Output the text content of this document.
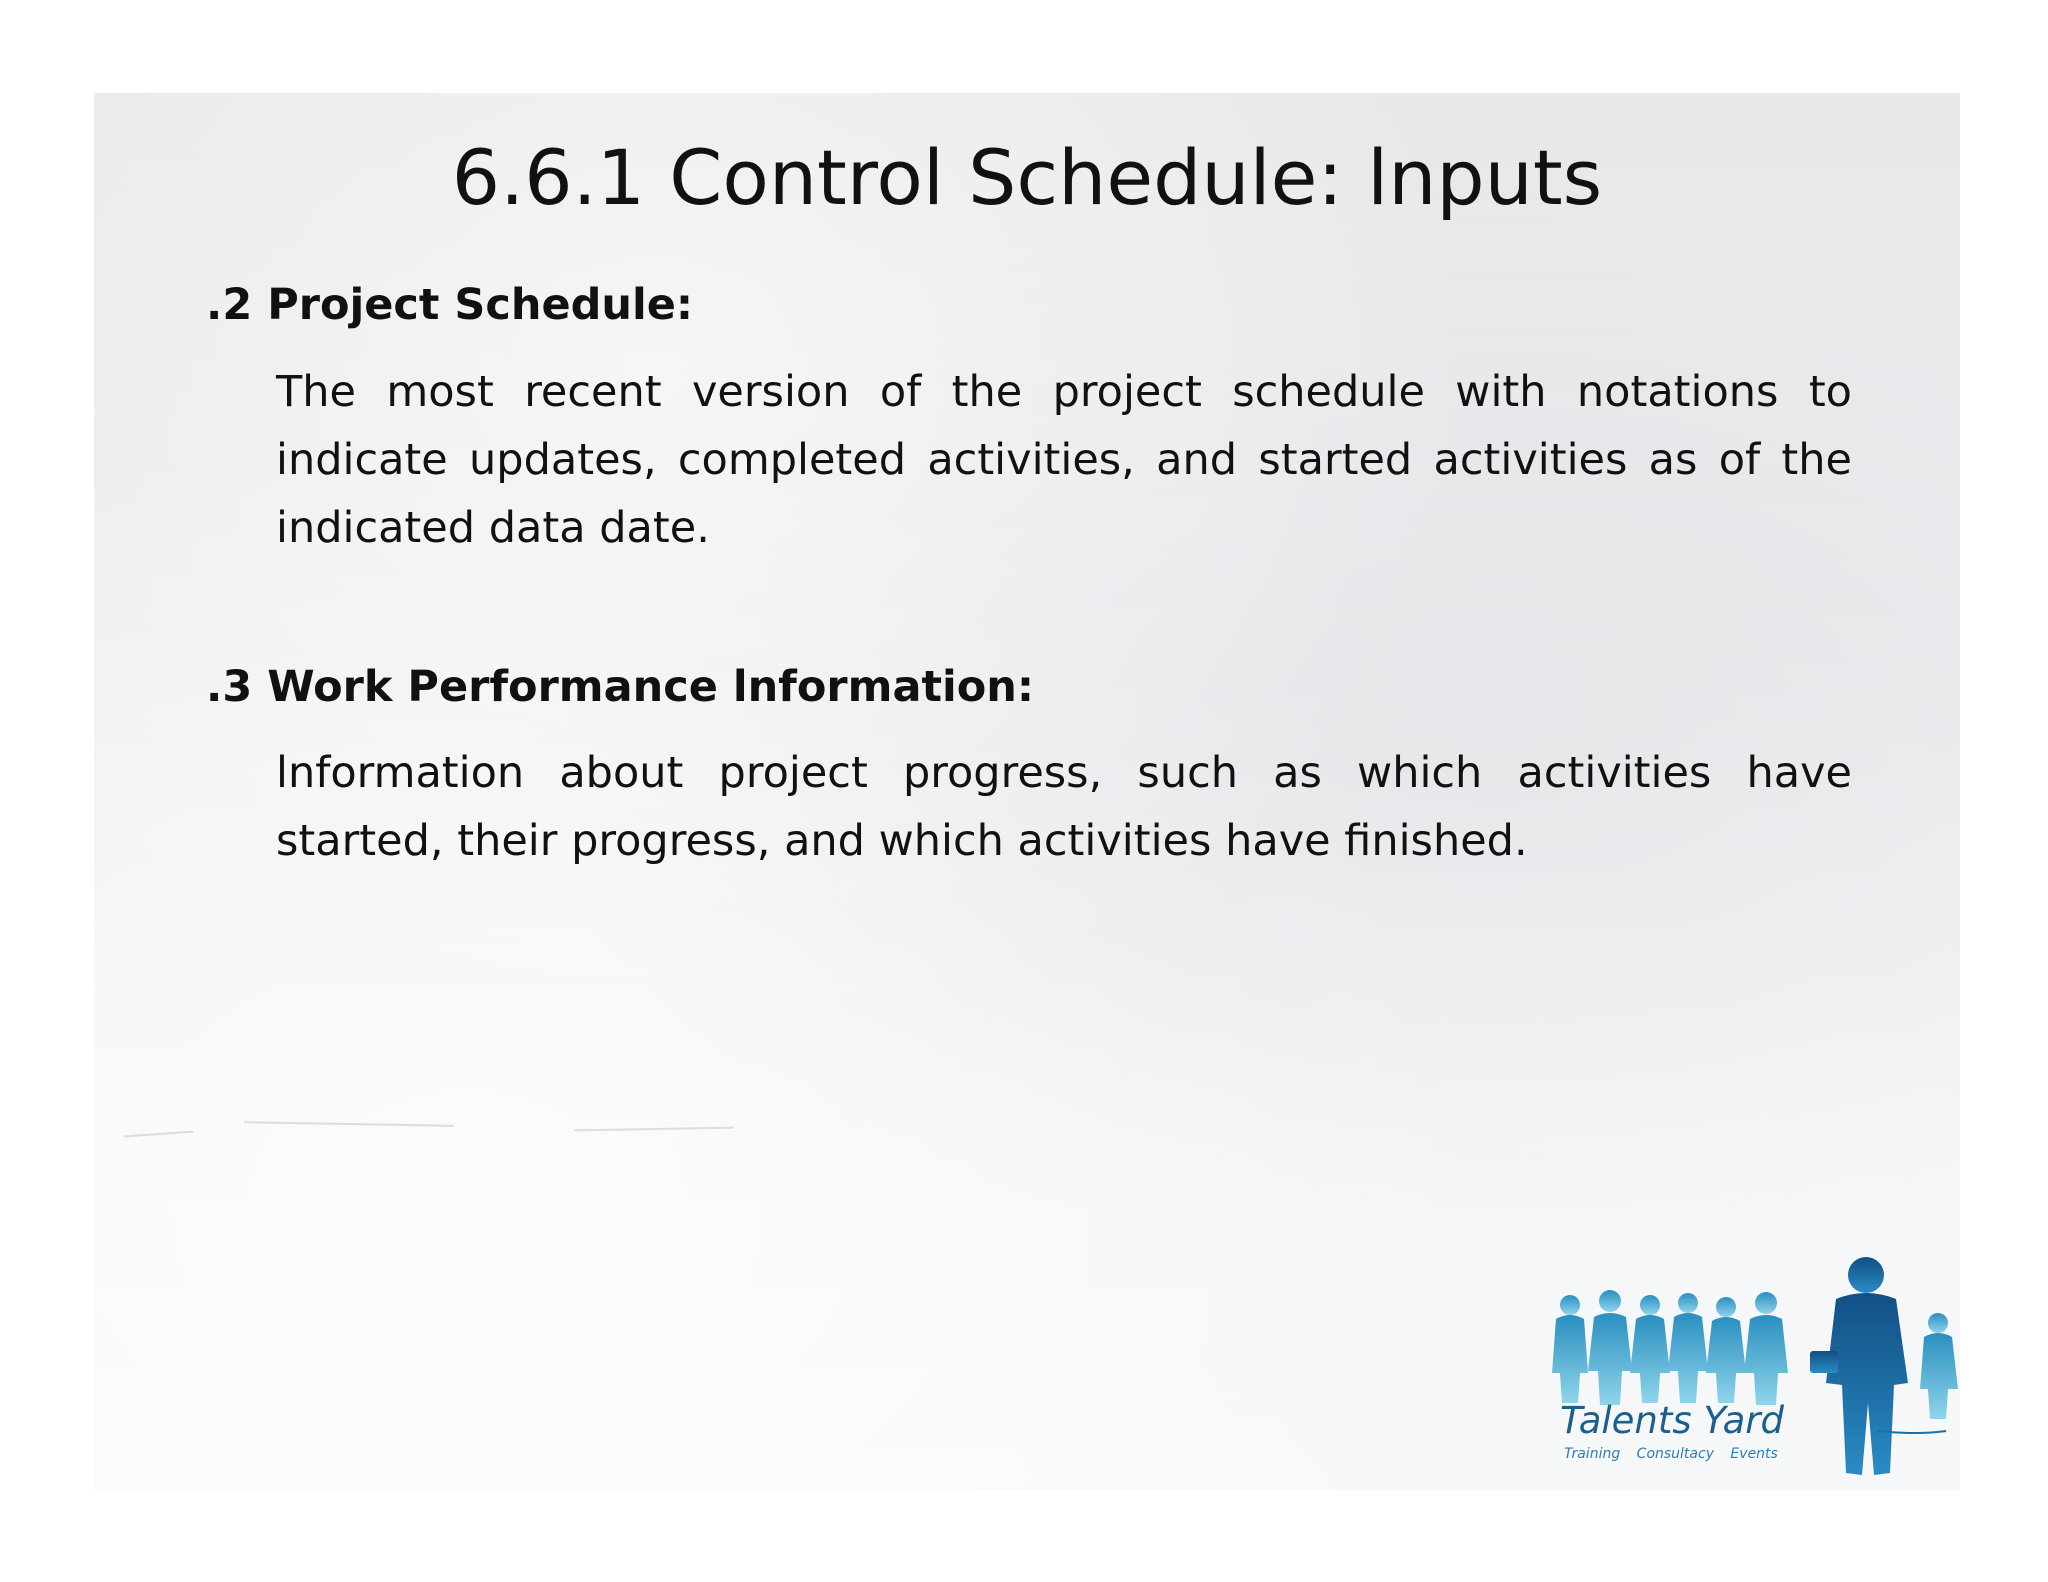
6.6.1 Control Schedule: lnputs
.2 Project Schedule:

The most recent version of the project schedule with notations to indicate updates, completed activities, and started activities as of the indicated data date.

.3 Work Performance lnformation:

lnformation about project progress, such as which activities have started, their progress, and which activities have finished.

Talents Yard
Training Consultacy Events
